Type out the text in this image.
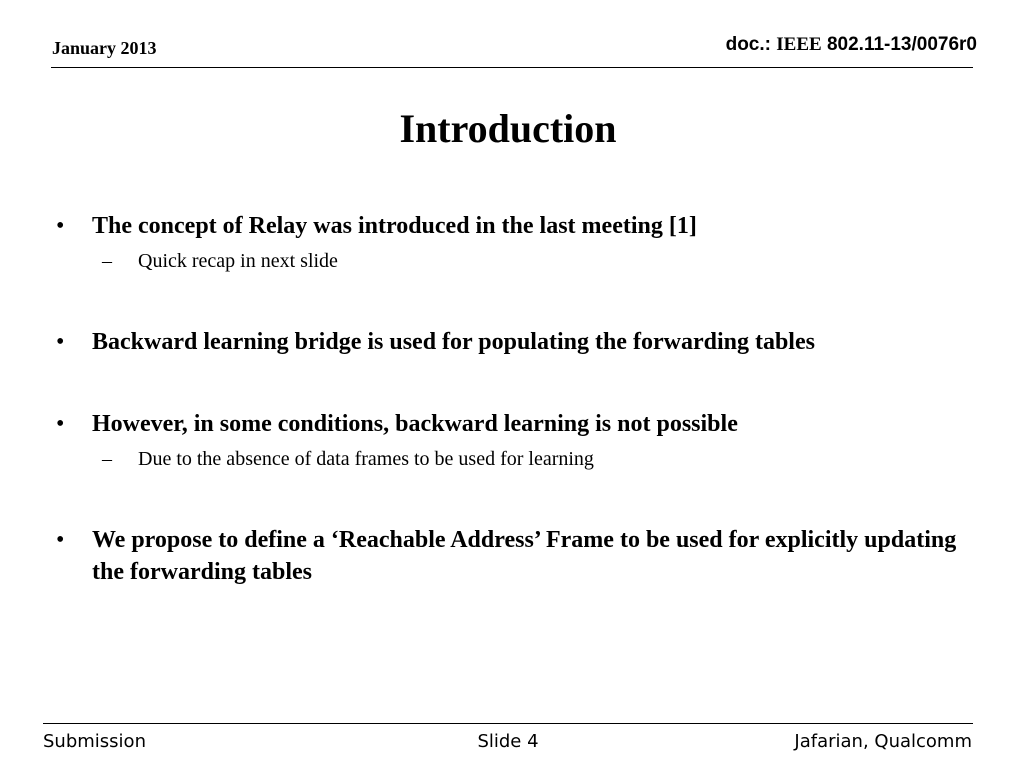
January 2013	doc.: IEEE 802.11-13/0076r0
Introduction
• The concept of Relay was introduced in the last meeting [1]
– Quick recap in next slide
• Backward learning bridge is used for populating the forwarding tables
• However, in some conditions, backward learning is not possible
– Due to the absence of data frames to be used for learning
• We propose to define a ‘Reachable Address’ Frame to be used for explicitly updating the forwarding tables
Submission	Slide 4	Jafarian, Qualcomm
